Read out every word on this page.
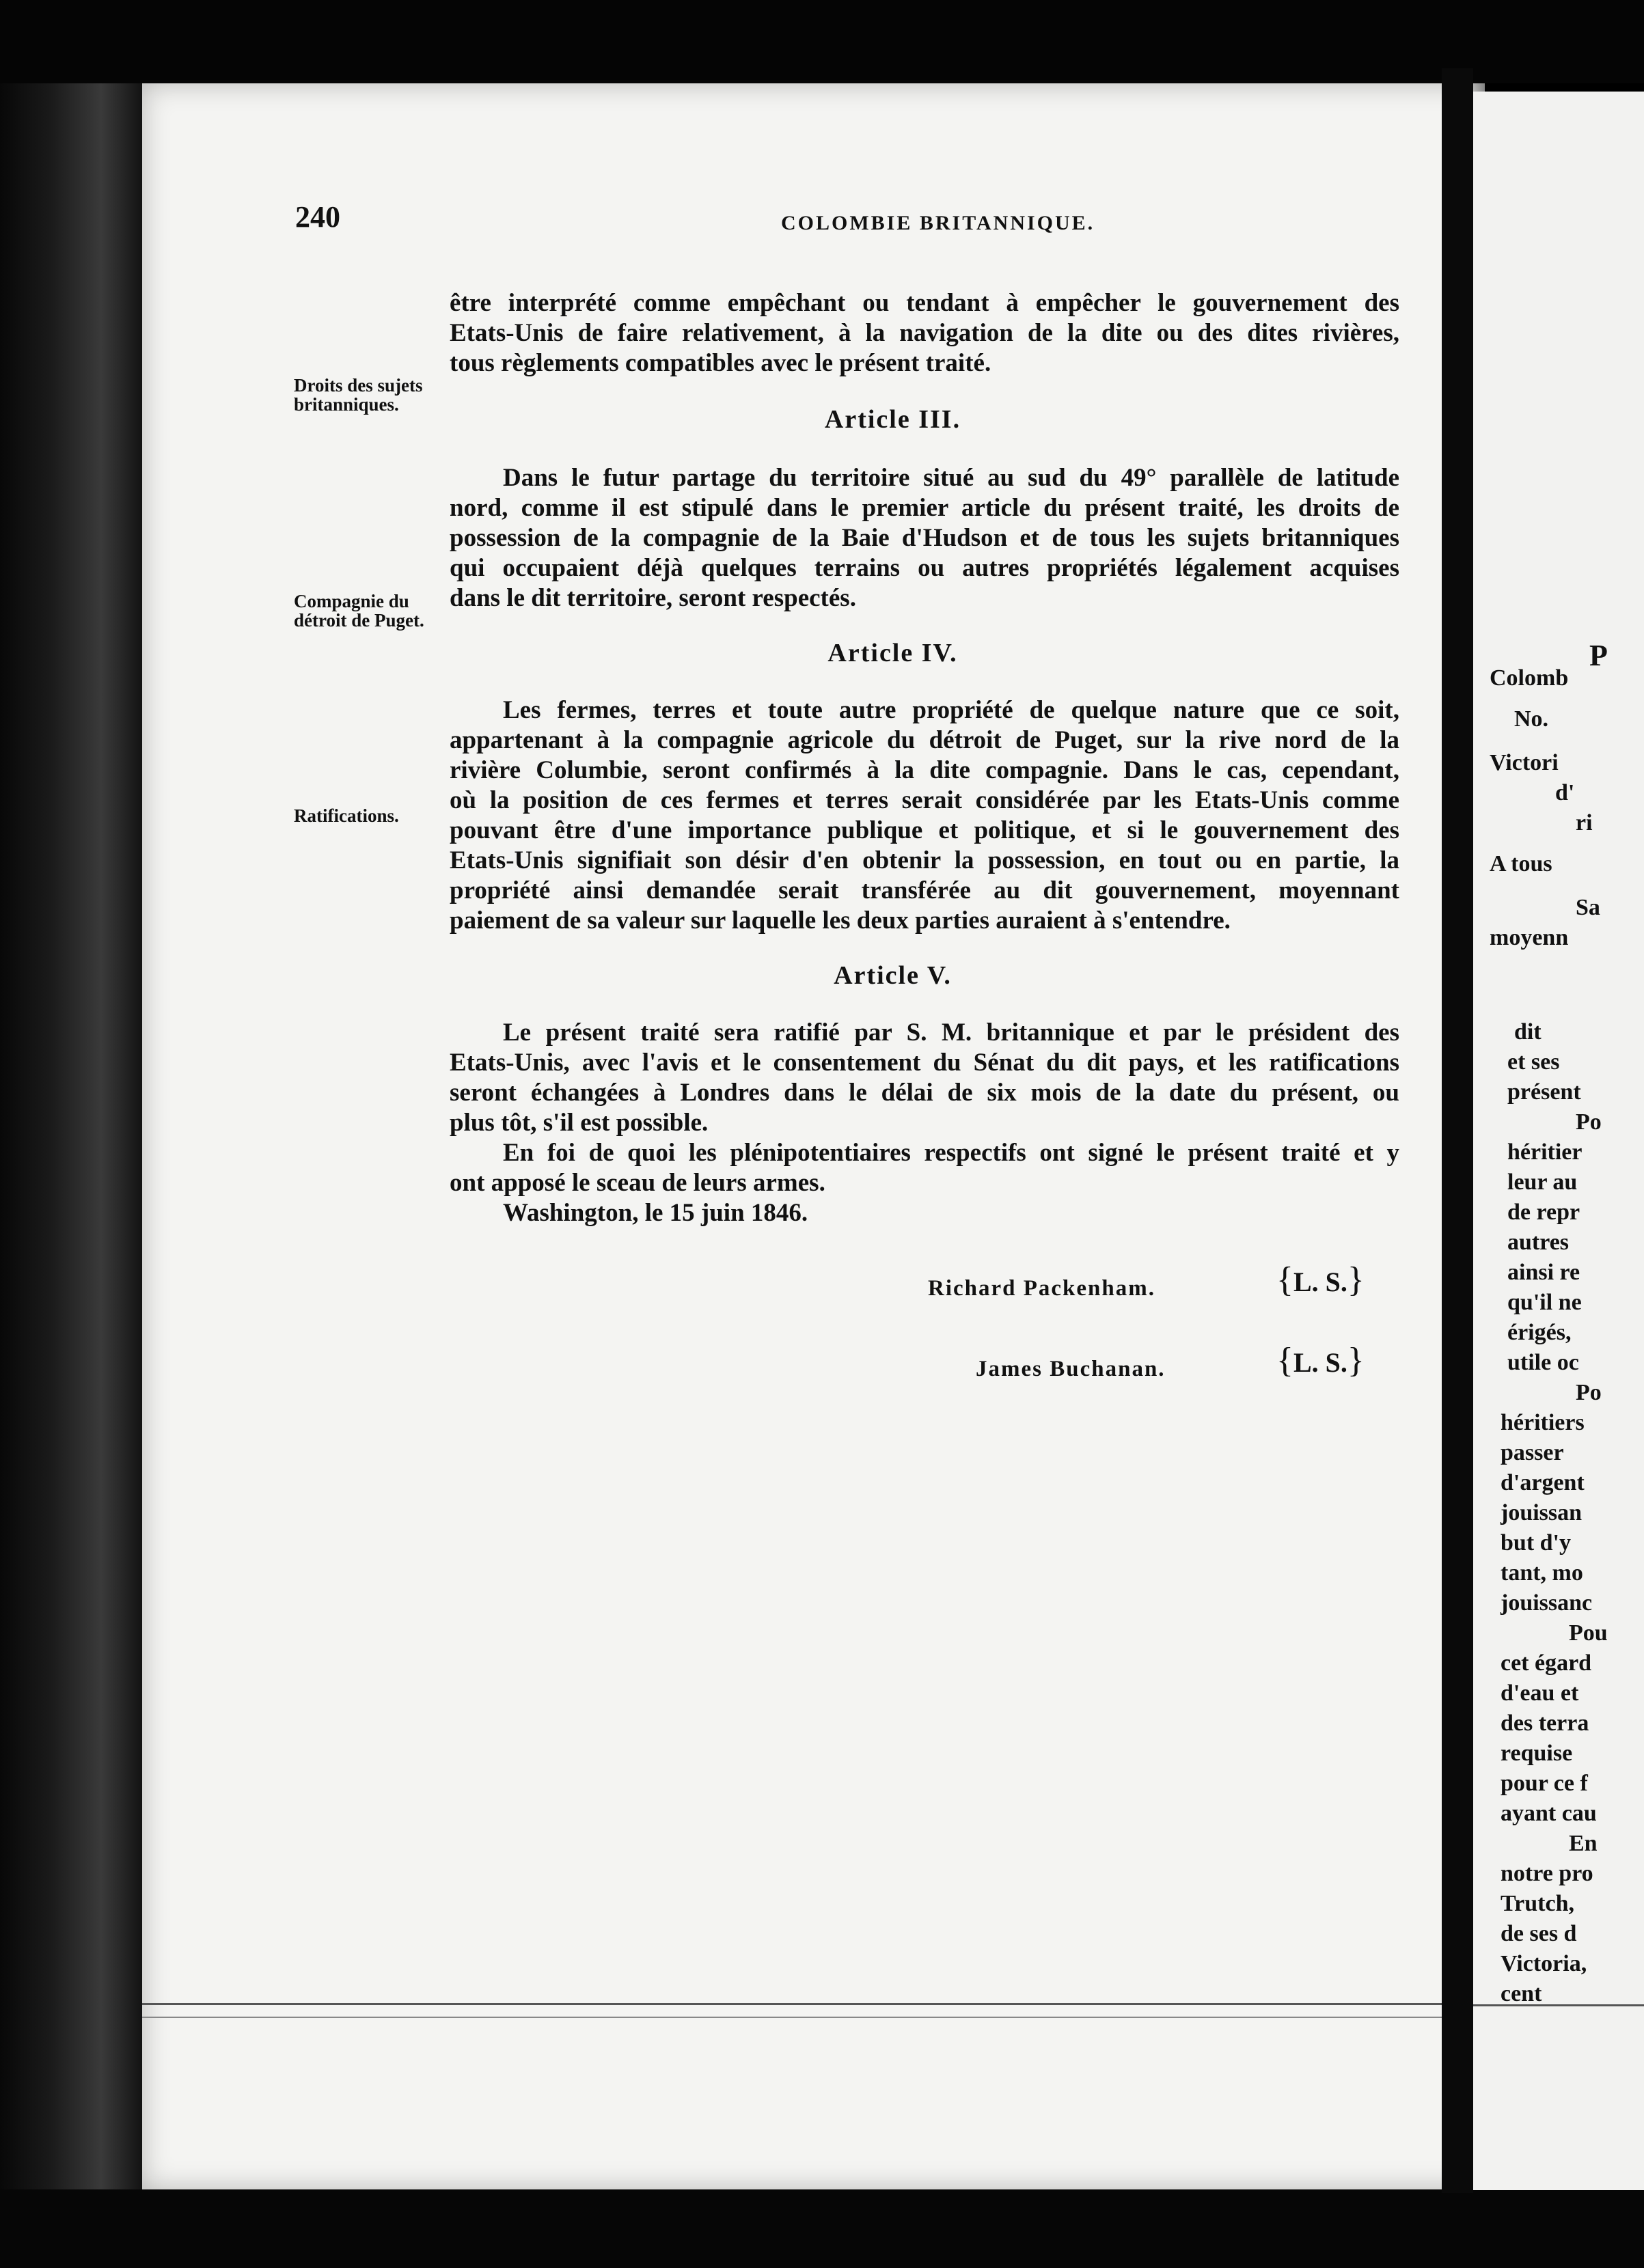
240	COLOMBIE BRITANNIQUE.

être interprété comme empêchant ou tendant à empêcher le gouvernement des

Etats-Unis de faire relativement, à la navigation de la dite ou des dites rivières,

tous règlements compatibles avec le présent traité.

Droits des sujets britanniques.

Compagnie du détroit de Puget.

Ratifications.

Article III.

Dans le futur partage du territoire situé au sud du 49° parallèle de latitude

nord, comme il est stipulé dans le premier article du présent traité, les droits de

possession de la compagnie de la Baie d'Hudson et de tous les sujets britanniques

qui occupaient déjà quelques terrains ou autres propriétés légalement acquises

dans le dit territoire, seront respectés.

Article IV.

Les fermes, terres et toute autre propriété de quelque nature que ce soit,

appartenant à la compagnie agricole du détroit de Puget, sur la rive nord de la

rivière Columbie, seront confirmés à la dite compagnie. Dans le cas, cependant,

où la position de ces fermes et terres serait considérée par les Etats-Unis comme

pouvant être d'une importance publique et politique, et si le gouvernement des

Etats-Unis signifiait son désir d'en obtenir la possession, en tout ou en partie, la

propriété ainsi demandée serait transférée au dit gouvernement, moyennant

paiement de sa valeur sur laquelle les deux parties auraient à s'entendre.

Article V.

Le présent traité sera ratifié par S. M. britannique et par le président des

Etats-Unis, avec l'avis et le consentement du Sénat du dit pays, et les ratifications

seront échangées à Londres dans le délai de six mois de la date du présent, ou

plus tôt, s'il est possible.

En foi de quoi les plénipotentiaires respectifs ont signé le présent traité et y

ont apposé le sceau de leurs armes.

Washington, le 15 juin 1846.

Richard Packenham.	{L. S.}

James Buchanan.	{L. S.}

P

Colomb

No.

Victori

d'

ri

A tous

Sa

moyenn

dit

et ses

présent

Po

héritier

leur au

de repr

autres

ainsi re

qu'il ne

érigés,

utile oc

Po

héritiers

passer

d'argent

jouissan

but d'y

tant, mo

jouissanc

Pou

cet égard

d'eau et

des terra

requise

pour ce f

ayant cau

En

notre pro

Trutch,

de ses d

Victoria,

cent
